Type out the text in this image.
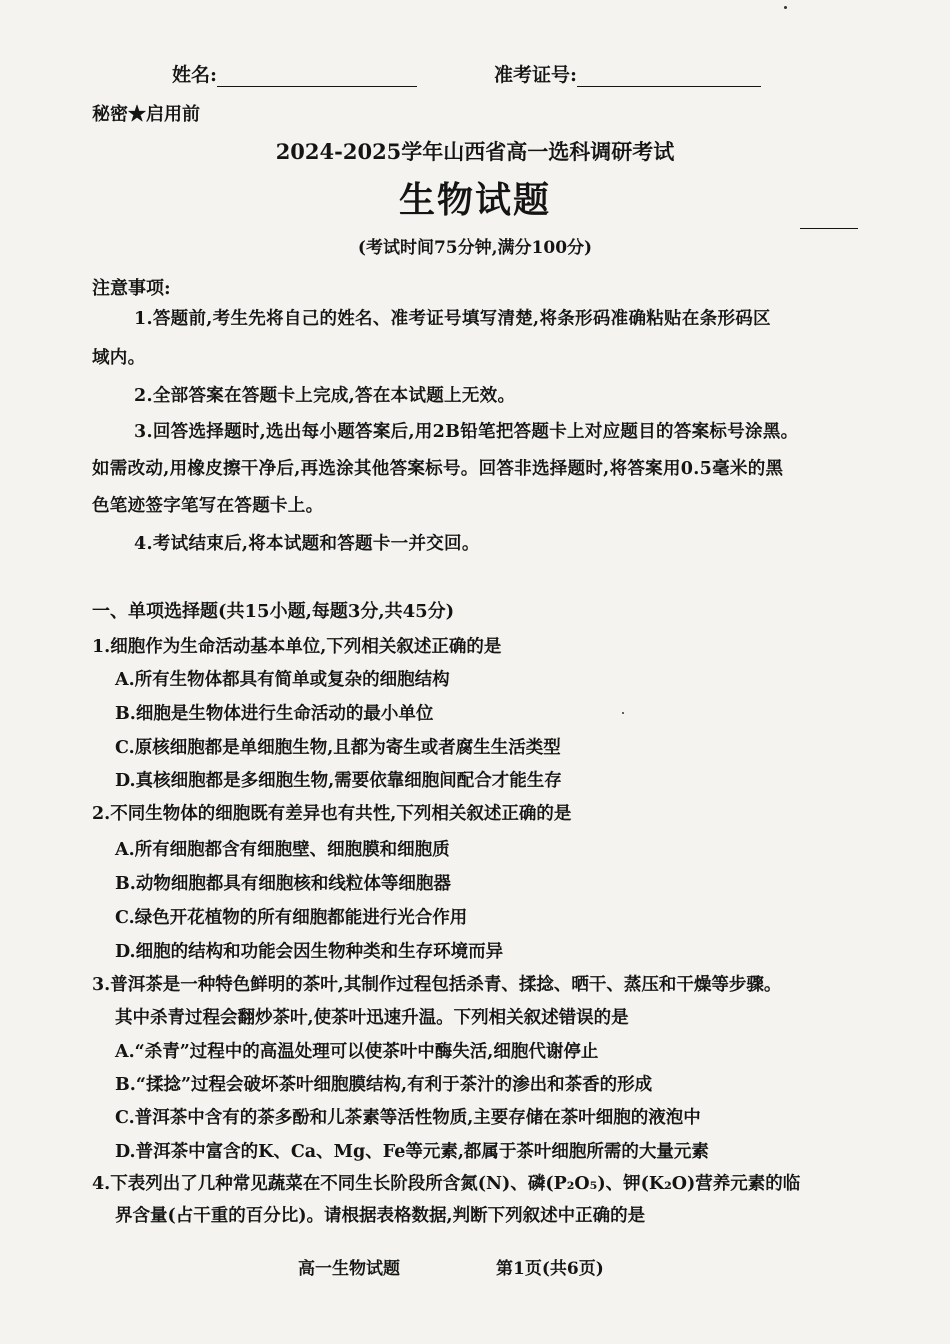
姓名:	准考证号:
秘密★启用前
2024-2025学年山西省高一选科调研考试
生物试题
(考试时间75分钟,满分100分)
注意事项:
1.答题前,考生先将自己的姓名、准考证号填写清楚,将条形码准确粘贴在条形码区
域内。
2.全部答案在答题卡上完成,答在本试题上无效。
3.回答选择题时,选出每小题答案后,用2B铅笔把答题卡上对应题目的答案标号涂黑。
如需改动,用橡皮擦干净后,再选涂其他答案标号。回答非选择题时,将答案用0.5毫米的黑
色笔迹签字笔写在答题卡上。
4.考试结束后,将本试题和答题卡一并交回。
一、单项选择题(共15小题,每题3分,共45分)
1.细胞作为生命活动基本单位,下列相关叙述正确的是
A.所有生物体都具有简单或复杂的细胞结构
B.细胞是生物体进行生命活动的最小单位
C.原核细胞都是单细胞生物,且都为寄生或者腐生生活类型
D.真核细胞都是多细胞生物,需要依靠细胞间配合才能生存
2.不同生物体的细胞既有差异也有共性,下列相关叙述正确的是
A.所有细胞都含有细胞壁、细胞膜和细胞质
B.动物细胞都具有细胞核和线粒体等细胞器
C.绿色开花植物的所有细胞都能进行光合作用
D.细胞的结构和功能会因生物种类和生存环境而异
3.普洱茶是一种特色鲜明的茶叶,其制作过程包括杀青、揉捻、晒干、蒸压和干燥等步骤。
其中杀青过程会翻炒茶叶,使茶叶迅速升温。下列相关叙述错误的是
A.“杀青”过程中的高温处理可以使茶叶中酶失活,细胞代谢停止
B.“揉捻”过程会破坏茶叶细胞膜结构,有利于茶汁的渗出和茶香的形成
C.普洱茶中含有的茶多酚和儿茶素等活性物质,主要存储在茶叶细胞的液泡中
D.普洱茶中富含的K、Ca、Mg、Fe等元素,都属于茶叶细胞所需的大量元素
4.下表列出了几种常见蔬菜在不同生长阶段所含氮(N)、磷(P₂O₅)、钾(K₂O)营养元素的临
界含量(占干重的百分比)。请根据表格数据,判断下列叙述中正确的是
高一生物试题	第1页(共6页)
